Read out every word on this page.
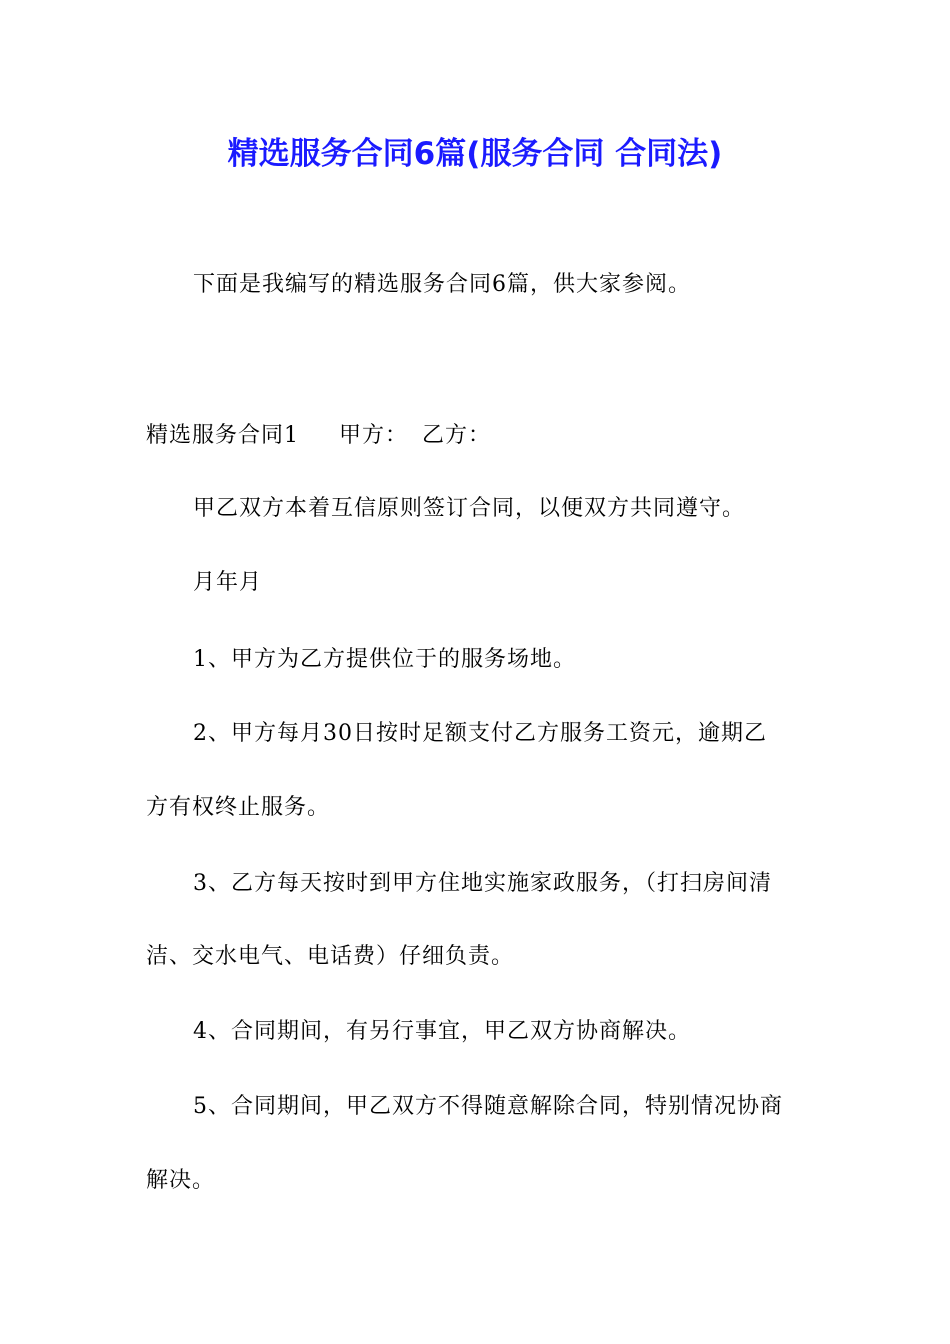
精选服务合同6篇(服务合同 合同法)
下面是我编写的精选服务合同6篇，供大家参阅。
精选服务合同1 甲方： 乙方：
甲乙双方本着互信原则签订合同，以便双方共同遵守。
月年月
1、甲方为乙方提供位于的服务场地。
2、甲方每月30日按时足额支付乙方服务工资元，逾期乙
方有权终止服务。
3、乙方每天按时到甲方住地实施家政服务，（打扫房间清
洁、交水电气、电话费）仔细负责。
4、合同期间，有另行事宜，甲乙双方协商解决。
5、合同期间，甲乙双方不得随意解除合同，特别情况协商
解决。
